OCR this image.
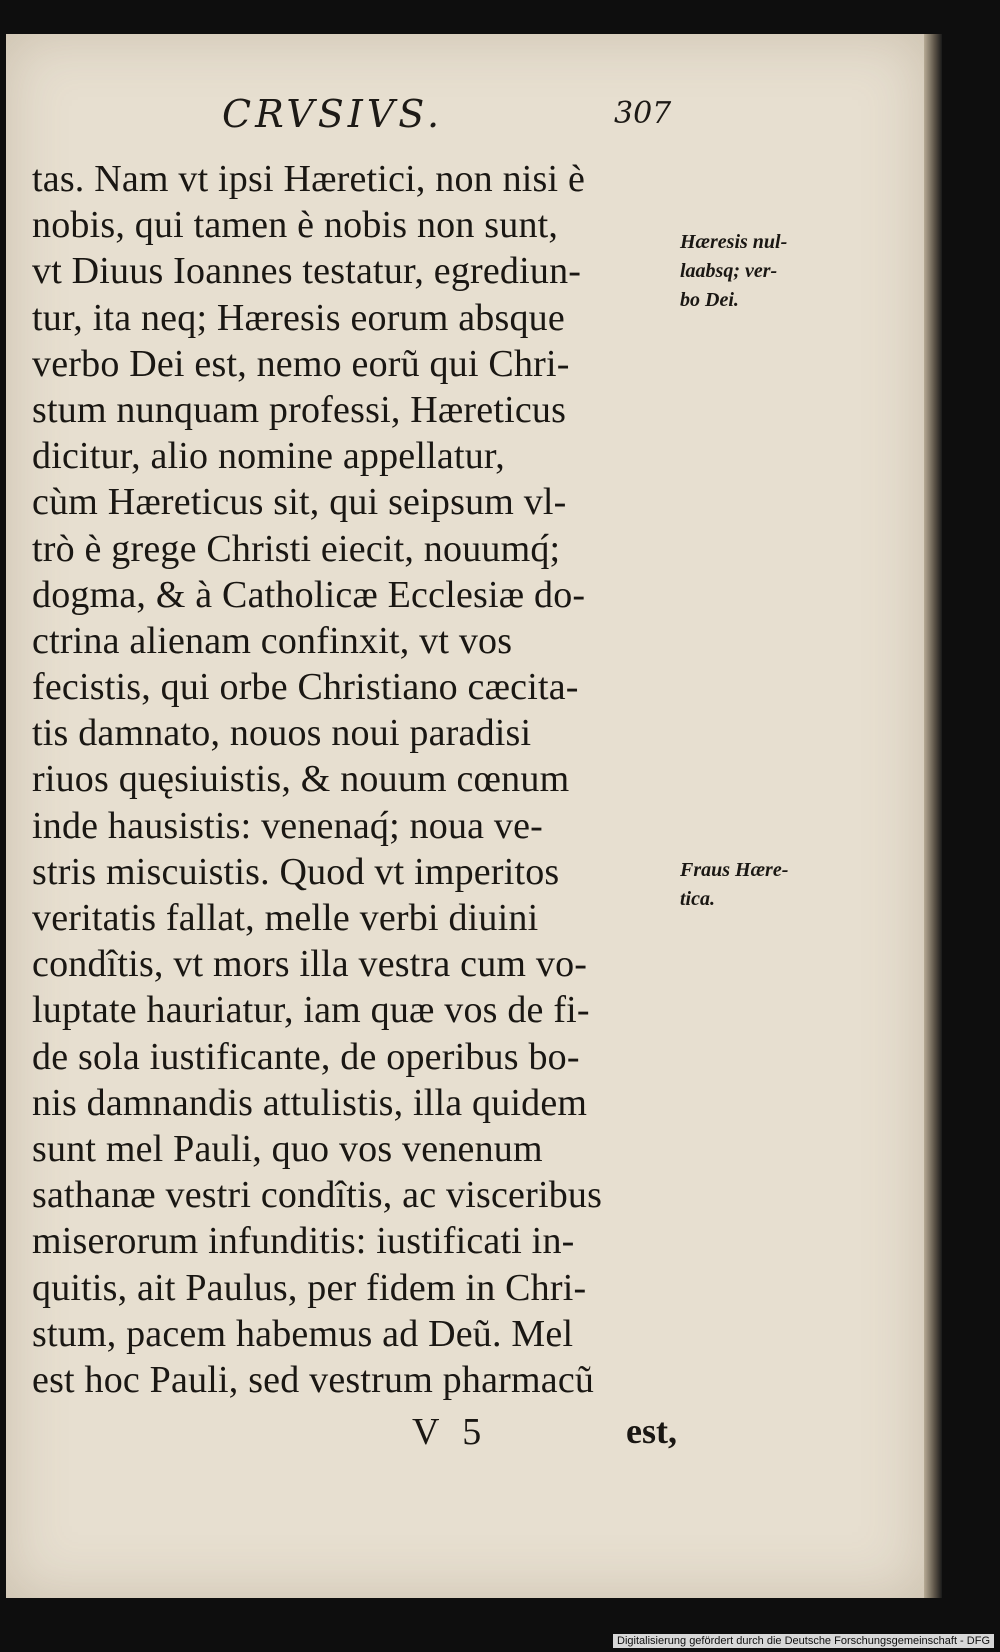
CRVSIVS.	307
tas. Nam vt ipsi Hæretici, non nisi è
nobis, qui tamen è nobis non sunt,
vt Diuus Ioannes testatur, egrediun-
tur, ita neq; Hæresis eorum absque
verbo Dei est, nemo eorũ qui Chri-
stum nunquam professi, Hæreticus
dicitur, alio nomine appellatur,
cùm Hæreticus sit, qui seipsum vl-
trò è grege Christi eiecit, nouumq́;
dogma, & à Catholicæ Ecclesiæ do-
ctrina alienam confinxit, vt vos
fecistis, qui orbe Christiano cæcita-
tis damnato, nouos noui paradisi
riuos quęsiuistis, & nouum cœnum
inde hausistis: venenaq́; noua ve-
stris miscuistis. Quod vt imperitos
veritatis fallat, melle verbi diuini
condîtis, vt mors illa vestra cum vo-
luptate hauriatur, iam quæ vos de fi-
de sola iustificante, de operibus bo-
nis damnandis attulistis, illa quidem
sunt mel Pauli, quo vos venenum
sathanæ vestri condîtis, ac visceribus
miserorum infunditis: iustificati in-
quitis, ait Paulus, per fidem in Chri-
stum, pacem habemus ad Deũ. Mel
est hoc Pauli, sed vestrum pharmacũ
Hæresis nul-
laabsq; ver-
bo Dei.
Fraus Hære-
tica.
V 5	est,
Digitalisierung gefördert durch die Deutsche Forschungsgemeinschaft - DFG
